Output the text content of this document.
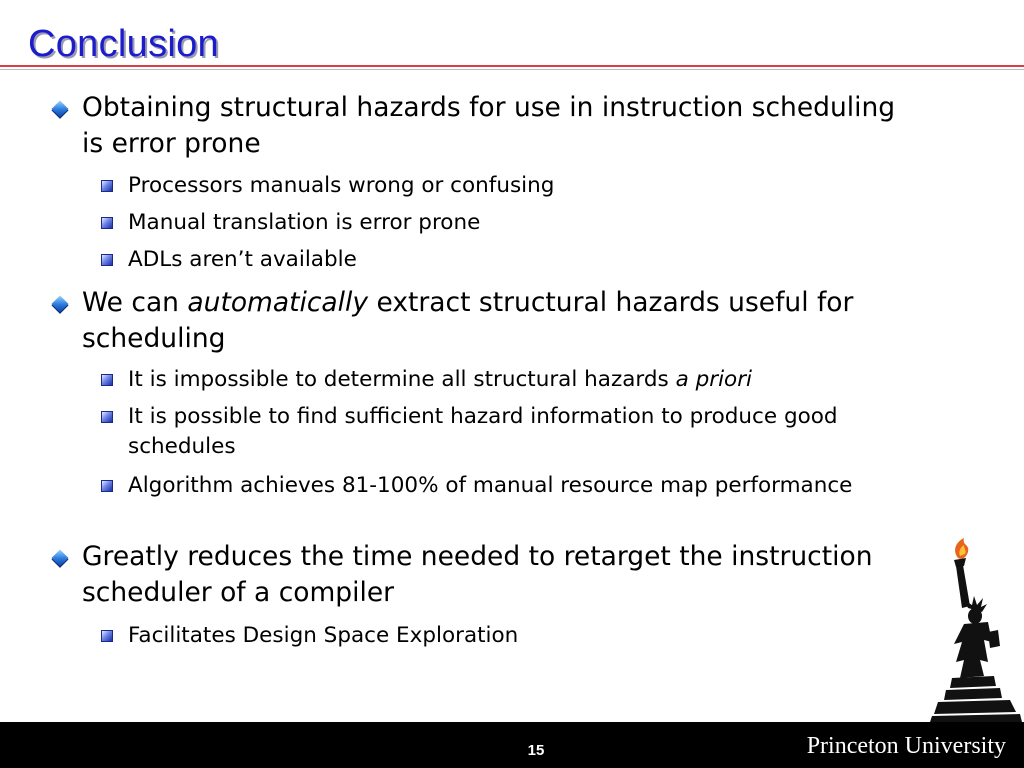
Conclusion
Obtaining structural hazards for use in instruction scheduling is error prone
Processors manuals wrong or confusing
Manual translation is error prone
ADLs aren’t available
We can automatically extract structural hazards useful for scheduling
It is impossible to determine all structural hazards a priori
It is possible to find sufficient hazard information to produce good schedules
Algorithm achieves 81-100% of manual resource map performance
Greatly reduces the time needed to retarget the instruction scheduler of a compiler
Facilitates Design Space Exploration
15	Princeton University
